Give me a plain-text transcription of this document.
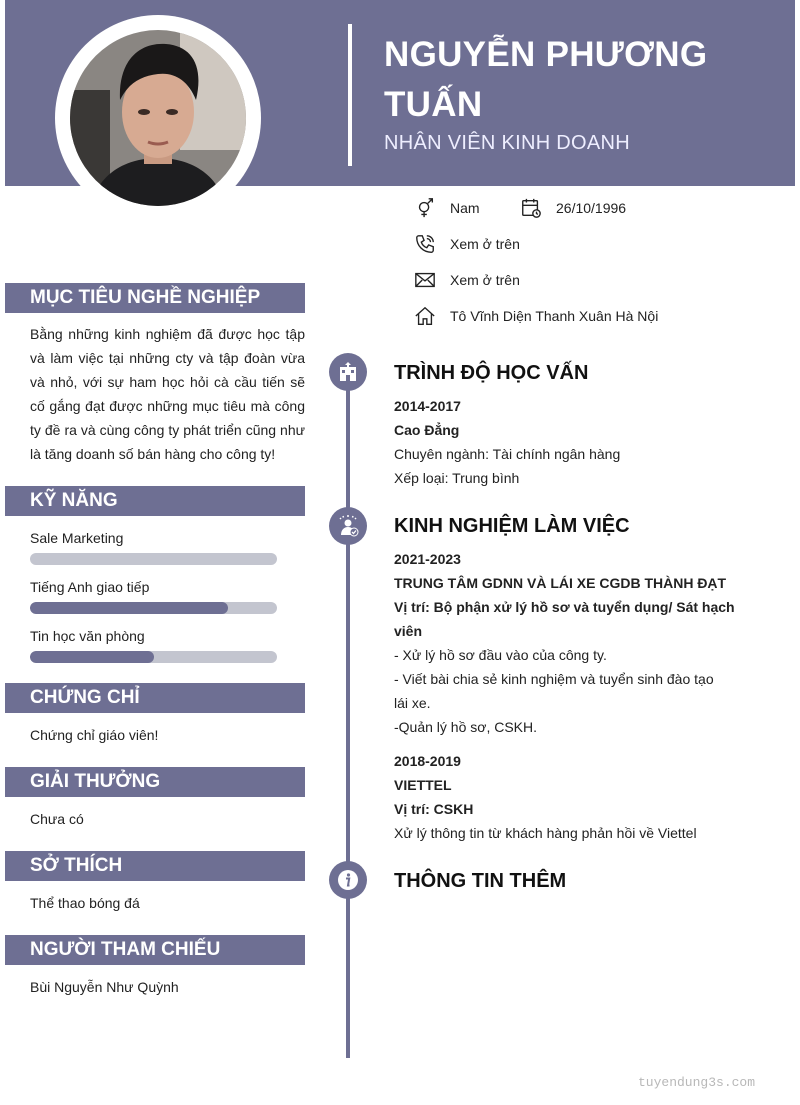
NGUYỄN PHƯƠNG
TUẤN
NHÂN VIÊN KINH DOANH
Nam	26/10/1996
Xem ở trên
Xem ở trên
Tô Vĩnh Diện Thanh Xuân Hà Nội
MỤC TIÊU NGHỀ NGHIỆP
Bằng những kinh nghiệm đã được học tập và làm việc tại những cty và tập đoàn vừa và nhỏ, với sự ham học hỏi cà cầu tiến sẽ cố gắng đạt được những mục tiêu mà công ty đề ra và cùng công ty phát triển cũng như là tăng doanh số bán hàng cho công ty!
KỸ NĂNG
Sale Marketing
Tiếng Anh giao tiếp
Tin học văn phòng
CHỨNG CHỈ
Chứng chỉ giáo viên!
GIẢI THƯỞNG
Chưa có
SỞ THÍCH
Thể thao bóng đá
NGƯỜI THAM CHIẾU
Bùi Nguyễn Như Quỳnh
TRÌNH ĐỘ HỌC VẤN
2014-2017
Cao Đẳng
Chuyên ngành: Tài chính ngân hàng
Xếp loại: Trung bình
KINH NGHIỆM LÀM VIỆC
2021-2023
TRUNG TÂM GDNN VÀ LÁI XE CGDB THÀNH ĐẠT
Vị trí: Bộ phận xử lý hồ sơ và tuyển dụng/ Sát hạch
viên
- Xử lý hồ sơ đầu vào của công ty.
- Viết bài chia sẻ kinh nghiệm và tuyển sinh đào tạo
lái xe.
-Quản lý hồ sơ, CSKH.
2018-2019
VIETTEL
Vị trí: CSKH
Xử lý thông tin từ khách hàng phản hồi về Viettel
THÔNG TIN THÊM
tuyendung3s.com
